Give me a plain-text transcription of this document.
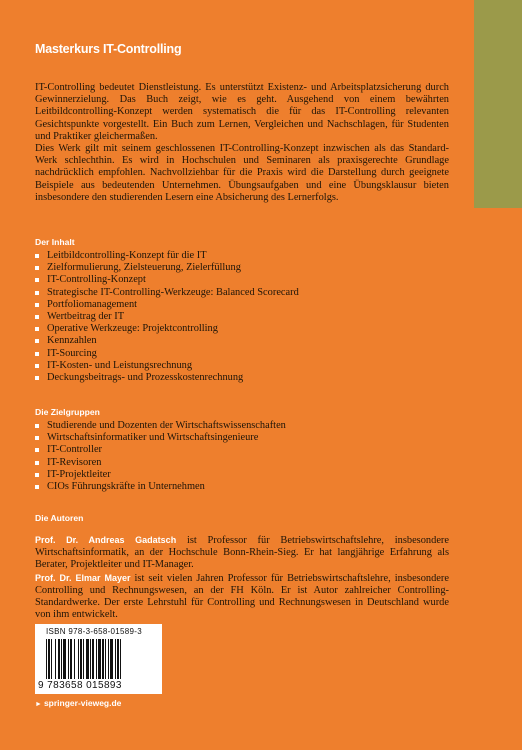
Masterkurs IT-Controlling

IT-Controlling bedeutet Dienstleistung. Es unterstützt Existenz- und Arbeitsplatzsicherung durch Gewinnerzielung. Das Buch zeigt, wie es geht. Ausgehend von einem bewährten Leitbildcontrolling-Konzept werden systematisch die für das IT-Controlling relevanten Gesichtspunkte vorgestellt. Ein Buch zum Lernen, Vergleichen und Nachschlagen, für Studenten und Praktiker gleichermaßen.

Dies Werk gilt mit seinem geschlossenen IT-Controlling-Konzept inzwischen als das Standard-Werk schlechthin. Es wird in Hochschulen und Seminaren als praxisgerechte Grundlage nachdrücklich empfohlen. Nachvollziehbar für die Praxis wird die Darstellung durch geeignete Beispiele aus bedeutenden Unternehmen. Übungsaufgaben und eine Übungsklausur bieten insbesondere den studierenden Lesern eine Absicherung des Lernerfolgs.

Der Inhalt
Leitbildcontrolling-Konzept für die IT
Zielformulierung, Zielsteuerung, Zielerfüllung
IT-Controlling-Konzept
Strategische IT-Controlling-Werkzeuge: Balanced Scorecard
Portfoliomanagement
Wertbeitrag der IT
Operative Werkzeuge: Projektcontrolling
Kennzahlen
IT-Sourcing
IT-Kosten- und Leistungsrechnung
Deckungsbeitrags- und Prozesskostenrechnung
Die Zielgruppen
Studierende und Dozenten der Wirtschaftswissenschaften
Wirtschaftsinformatiker und Wirtschaftsingenieure
IT-Controller
IT-Revisoren
IT-Projektleiter
CIOs Führungskräfte in Unternehmen
Die Autoren

Prof. Dr. Andreas Gadatsch ist Professor für Betriebswirtschaftslehre, insbesondere Wirtschaftsinformatik, an der Hochschule Bonn-Rhein-Sieg. Er hat langjährige Erfahrung als Berater, Projektleiter und IT-Manager.

Prof. Dr. Elmar Mayer ist seit vielen Jahren Professor für Betriebswirtschaftslehre, insbesondere Controlling und Rechnungswesen, an der FH Köln. Er ist Autor zahlreicher Controlling-Standardwerke. Der erste Lehrstuhl für Controlling und Rechnungswesen in Deutschland wurde von ihm entwickelt.

ISBN 978-3-658-01589-3
9 783658 015893
► springer-vieweg.de
